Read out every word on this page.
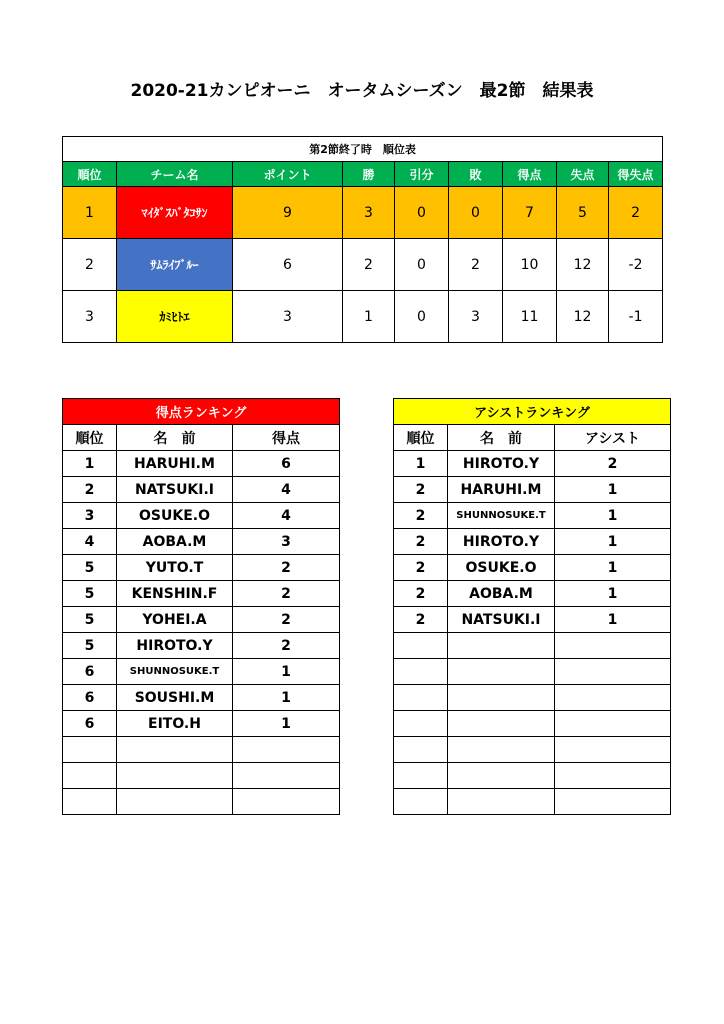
2020-21カンピオーニ　オータムシーズン　最2節　結果表
第2節終了時　順位表								
順位	チーム名	ポイント	勝	引分	敗	得点	失点	得失点
1	ﾏｲﾀﾞｽﾊﾞﾀｺｻﾝ	9	3	0	0	7	5	2
2	ｻﾑﾗｲﾌﾞﾙｰ	6	2	0	2	10	12	-2
3	ｶﾐﾋﾄｴ	3	1	0	3	11	12	-1
得点ランキング		
順位	名　前	得点
1	HARUHI.M	6
2	NATSUKI.I	4
3	OSUKE.O	4
4	AOBA.M	3
5	YUTO.T	2
5	KENSHIN.F	2
5	YOHEI.A	2
5	HIROTO.Y	2
6	SHUNNOSUKE.T	1
6	SOUSHI.M	1
6	EITO.H	1

アシストランキング		
順位	名　前	アシスト
1	HIROTO.Y	2
2	HARUHI.M	1
2	SHUNNOSUKE.T	1
2	HIROTO.Y	1
2	OSUKE.O	1
2	AOBA.M	1
2	NATSUKI.I	1
